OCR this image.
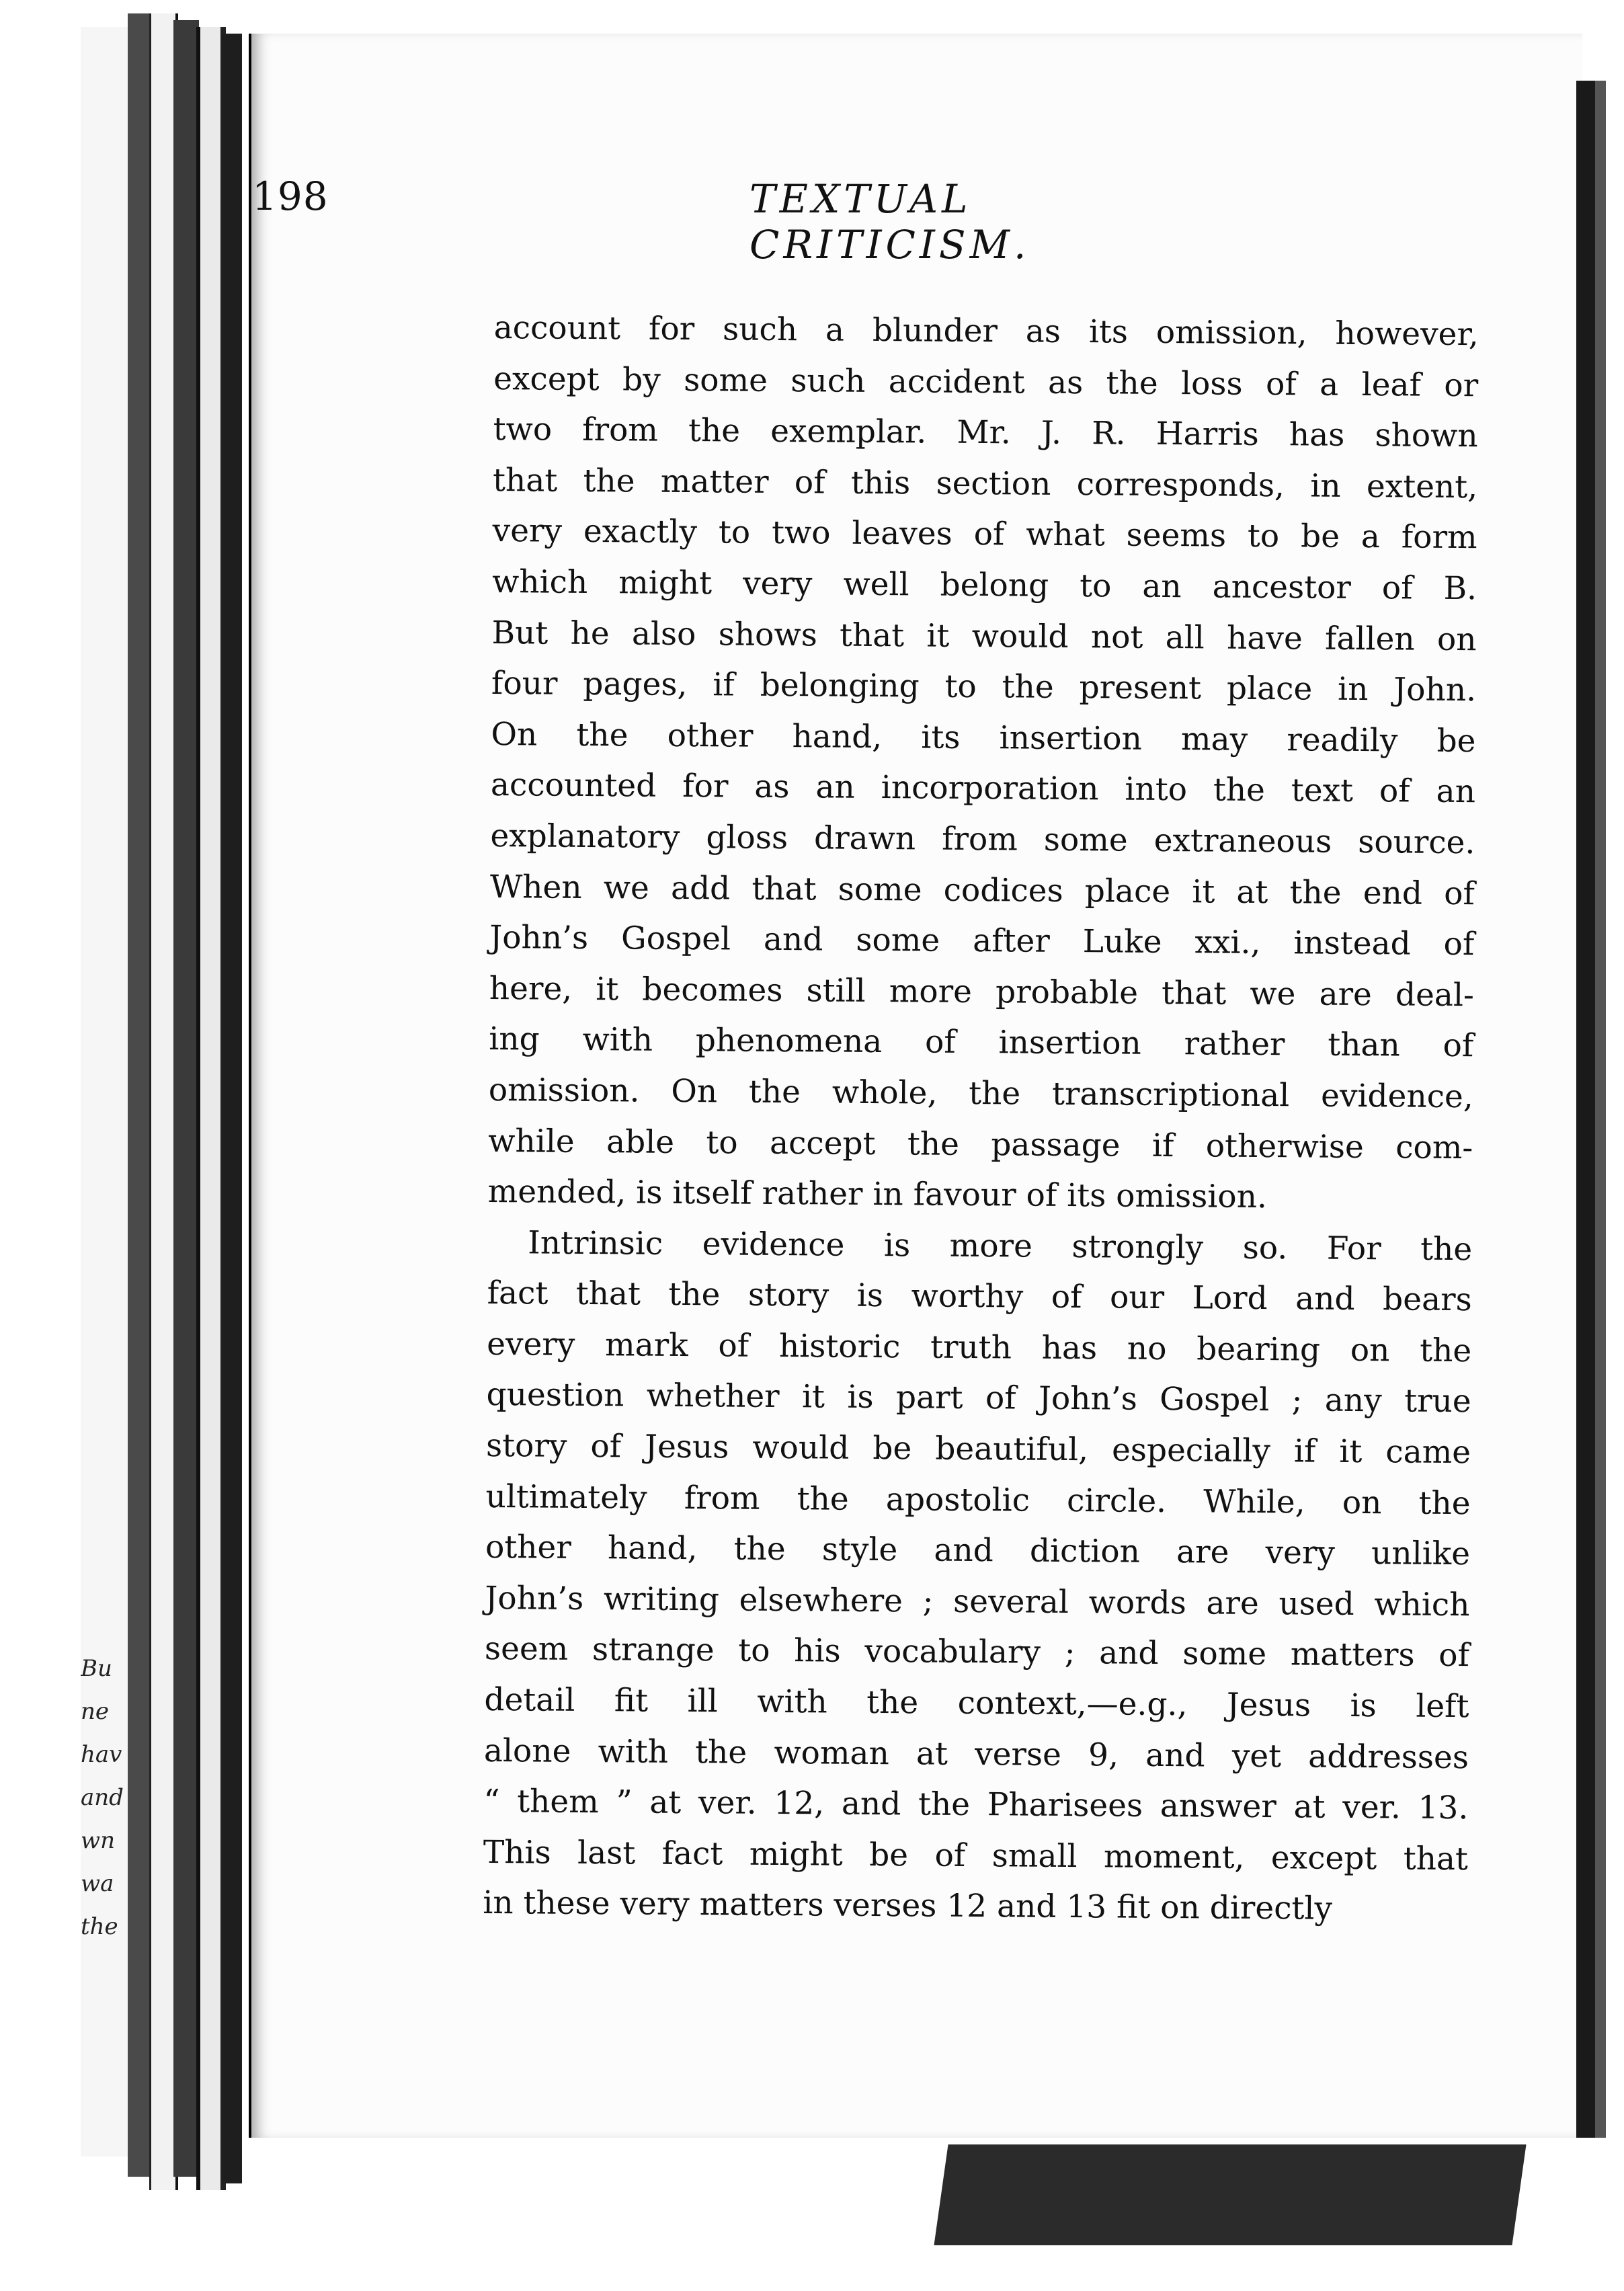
Bu
ne
hav
and
wn
wa
the
198	TEXTUAL CRITICISM.
account for such a blunder as its omission, however,
except by some such accident as the loss of a leaf or
two from the exemplar. Mr. J. R. Harris has shown
that the matter of this section corresponds, in extent,
very exactly to two leaves of what seems to be a form
which might very well belong to an ancestor of B.
But he also shows that it would not all have fallen on
four pages, if belonging to the present place in John.
On the other hand, its insertion may readily be
accounted for as an incorporation into the text of an
explanatory gloss drawn from some extraneous source.
When we add that some codices place it at the end of
John’s Gospel and some after Luke xxi., instead of
here, it becomes still more probable that we are deal-
ing with phenomena of insertion rather than of
omission. On the whole, the transcriptional evidence,
while able to accept the passage if otherwise com-
mended, is itself rather in favour of its omission.
Intrinsic evidence is more strongly so. For the
fact that the story is worthy of our Lord and bears
every mark of historic truth has no bearing on the
question whether it is part of John’s Gospel ; any true
story of Jesus would be beautiful, especially if it came
ultimately from the apostolic circle. While, on the
other hand, the style and diction are very unlike
John’s writing elsewhere ; several words are used which
seem strange to his vocabulary ; and some matters of
detail fit ill with the context,—e.g., Jesus is left
alone with the woman at verse 9, and yet addresses
“ them ” at ver. 12, and the Pharisees answer at ver. 13.
This last fact might be of small moment, except that
in these very matters verses 12 and 13 fit on directly
